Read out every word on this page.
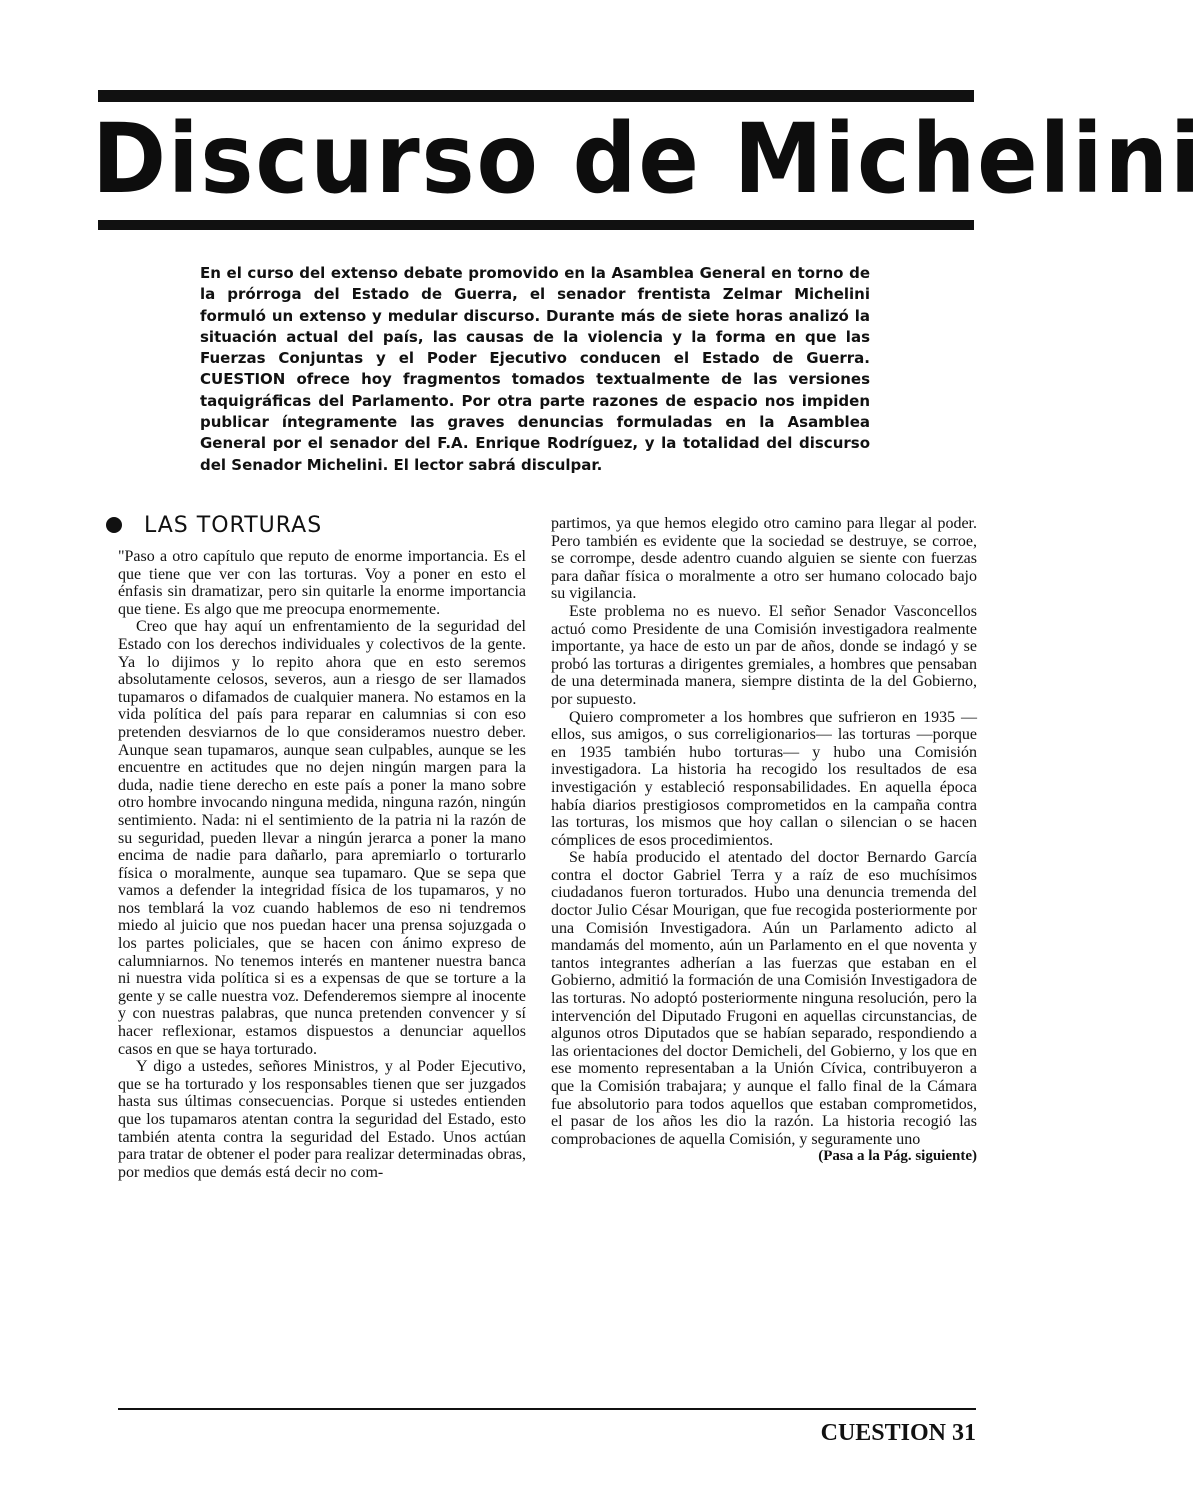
Discurso de Michelini

En el curso del extenso debate promovido en la Asamblea General en torno de la prórroga del Estado de Guerra, el senador frentista Zelmar Michelini formuló un extenso y medular discurso. Durante más de siete horas analizó la situación actual del país, las causas de la violencia y la forma en que las Fuerzas Conjuntas y el Poder Ejecutivo conducen el Estado de Guerra. CUESTION ofrece hoy fragmentos tomados textualmente de las versiones taquigráficas del Parlamento. Por otra parte razones de espacio nos impiden publicar íntegramente las graves denuncias formuladas en la Asamblea General por el senador del F.A. Enrique Rodríguez, y la totalidad del discurso del Senador Michelini. El lector sabrá disculpar.

LAS TORTURAS

"Paso a otro capítulo que reputo de enorme importancia. Es el que tiene que ver con las torturas. Voy a poner en esto el énfasis sin dramatizar, pero sin quitarle la enorme importancia que tiene. Es algo que me preocupa enormemente.

Creo que hay aquí un enfrentamiento de la seguridad del Estado con los derechos individuales y colectivos de la gente. Ya lo dijimos y lo repito ahora que en esto seremos absolutamente celosos, severos, aun a riesgo de ser llamados tupamaros o difamados de cualquier manera. No estamos en la vida política del país para reparar en calumnias si con eso pretenden desviarnos de lo que consideramos nuestro deber. Aunque sean tupamaros, aunque sean culpables, aunque se les encuentre en actitudes que no dejen ningún margen para la duda, nadie tiene derecho en este país a poner la mano sobre otro hombre invocando ninguna medida, ninguna razón, ningún sentimiento. Nada: ni el sentimiento de la patria ni la razón de su seguridad, pueden llevar a ningún jerarca a poner la mano encima de nadie para dañarlo, para apremiarlo o torturarlo física o moralmente, aunque sea tupamaro. Que se sepa que vamos a defender la integridad física de los tupamaros, y no nos temblará la voz cuando hablemos de eso ni tendremos miedo al juicio que nos puedan hacer una prensa sojuzgada o los partes policiales, que se hacen con ánimo expreso de calumniarnos. No tenemos interés en mantener nuestra banca ni nuestra vida política si es a expensas de que se torture a la gente y se calle nuestra voz. Defenderemos siempre al inocente y con nuestras palabras, que nunca pretenden convencer y sí hacer reflexionar, estamos dispuestos a denunciar aquellos casos en que se haya torturado.

Y digo a ustedes, señores Ministros, y al Poder Ejecutivo, que se ha torturado y los responsables tienen que ser juzgados hasta sus últimas consecuencias. Porque si ustedes entienden que los tupamaros atentan contra la seguridad del Estado, esto también atenta contra la seguridad del Estado. Unos actúan para tratar de obtener el poder para realizar determinadas obras, por medios que demás está decir no com-

partimos, ya que hemos elegido otro camino para llegar al poder. Pero también es evidente que la sociedad se destruye, se corroe, se corrompe, desde adentro cuando alguien se siente con fuerzas para dañar física o moralmente a otro ser humano colocado bajo su vigilancia.

Este problema no es nuevo. El señor Senador Vasconcellos actuó como Presidente de una Comisión investigadora realmente importante, ya hace de esto un par de años, donde se indagó y se probó las torturas a dirigentes gremiales, a hombres que pensaban de una determinada manera, siempre distinta de la del Gobierno, por supuesto.

Quiero comprometer a los hombres que sufrieron en 1935 —ellos, sus amigos, o sus correligionarios— las torturas —porque en 1935 también hubo torturas— y hubo una Comisión investigadora. La historia ha recogido los resultados de esa investigación y estableció responsabilidades. En aquella época había diarios prestigiosos comprometidos en la campaña contra las torturas, los mismos que hoy callan o silencian o se hacen cómplices de esos procedimientos.

Se había producido el atentado del doctor Bernardo García contra el doctor Gabriel Terra y a raíz de eso muchísimos ciudadanos fueron torturados. Hubo una denuncia tremenda del doctor Julio César Mourigan, que fue recogida posteriormente por una Comisión Investigadora. Aún un Parlamento adicto al mandamás del momento, aún un Parlamento en el que noventa y tantos integrantes adherían a las fuerzas que estaban en el Gobierno, admitió la formación de una Comisión Investigadora de las torturas. No adoptó posteriormente ninguna resolución, pero la intervención del Diputado Frugoni en aquellas circunstancias, de algunos otros Diputados que se habían separado, respondiendo a las orientaciones del doctor Demicheli, del Gobierno, y los que en ese momento representaban a la Unión Cívica, contribuyeron a que la Comisión trabajara; y aunque el fallo final de la Cámara fue absolutorio para todos aquellos que estaban comprometidos, el pasar de los años les dio la razón. La historia recogió las comprobaciones de aquella Comisión, y seguramente uno

(Pasa a la Pág. siguiente)

CUESTION 31
